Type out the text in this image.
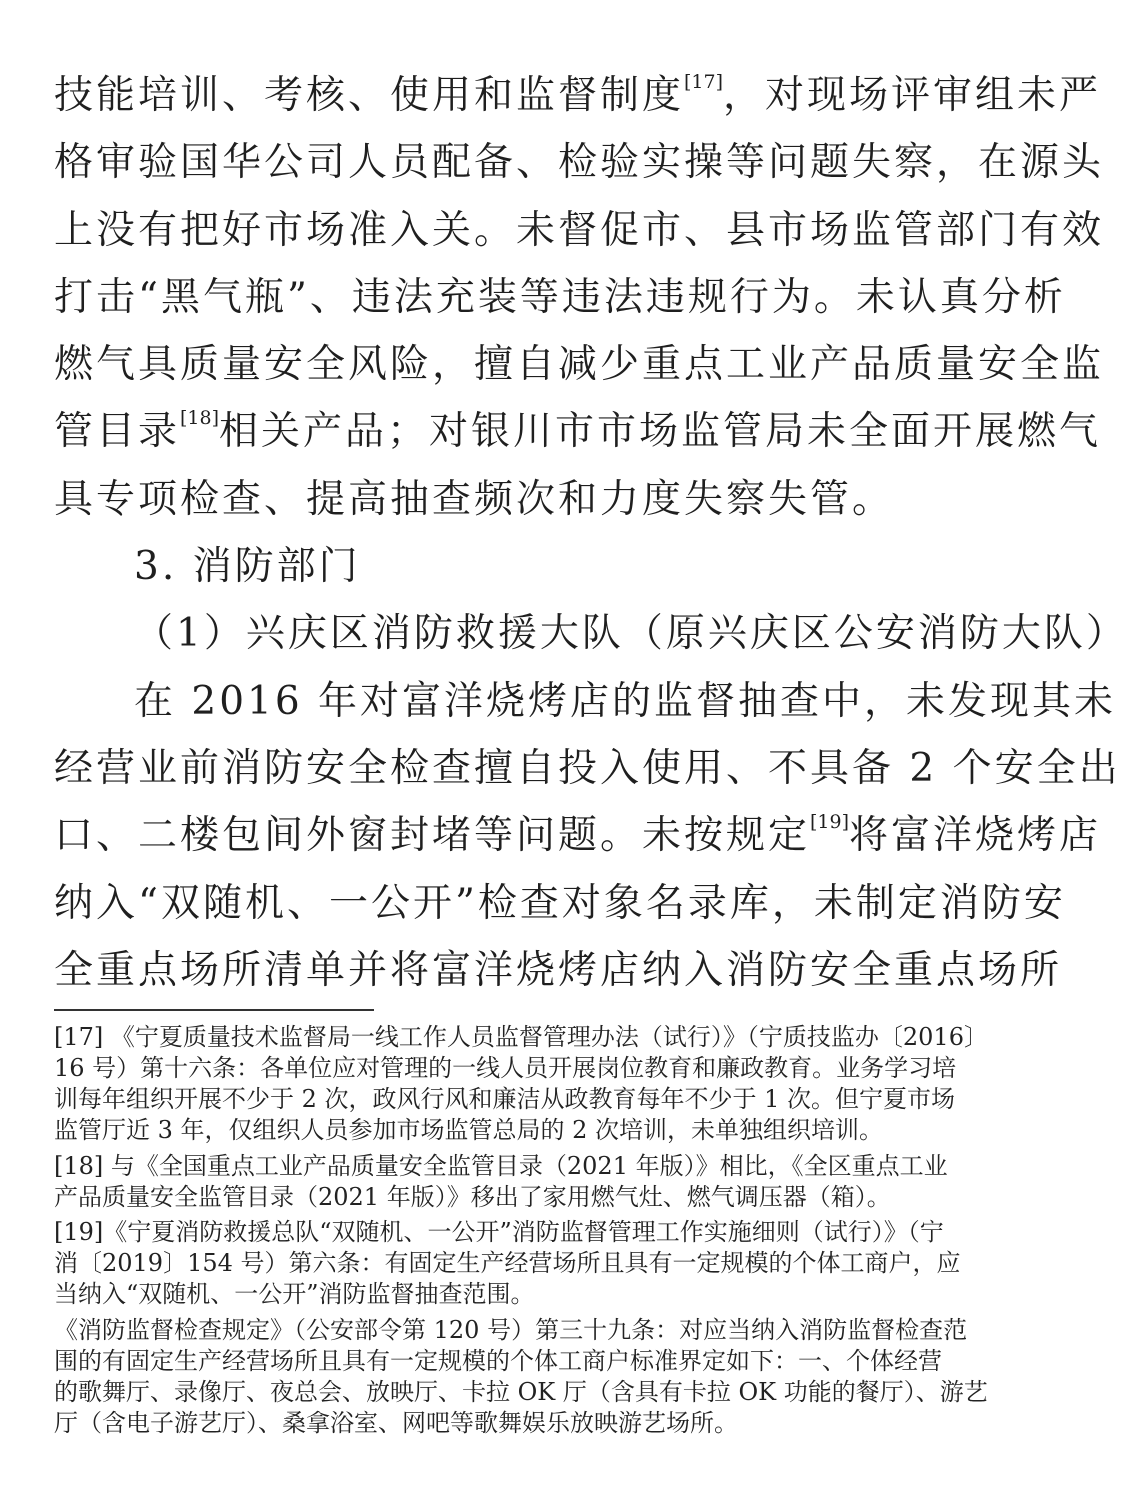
技能培训、考核、使用和监督制度[17]，对现场评审组未严
格审验国华公司人员配备、检验实操等问题失察，在源头
上没有把好市场准入关。未督促市、县市场监管部门有效
打击“黑气瓶”、违法充装等违法违规行为。未认真分析
燃气具质量安全风险，擅自减少重点工业产品质量安全监
管目录[18]相关产品；对银川市市场监管局未全面开展燃气
具专项检查、提高抽查频次和力度失察失管。
3. 消防部门
（1）兴庆区消防救援大队（原兴庆区公安消防大队）
在 2016 年对富洋烧烤店的监督抽查中，未发现其未
经营业前消防安全检查擅自投入使用、不具备 2 个安全出
口、二楼包间外窗封堵等问题。未按规定[19]将富洋烧烤店
纳入“双随机、一公开”检查对象名录库，未制定消防安
全重点场所清单并将富洋烧烤店纳入消防安全重点场所
[17] 《宁夏质量技术监督局一线工作人员监督管理办法（试行）》（宁质技监办〔2016〕
16 号）第十六条：各单位应对管理的一线人员开展岗位教育和廉政教育。业务学习培
训每年组织开展不少于 2 次，政风行风和廉洁从政教育每年不少于 1 次。但宁夏市场
监管厅近 3 年，仅组织人员参加市场监管总局的 2 次培训，未单独组织培训。
[18] 与《全国重点工业产品质量安全监管目录（2021 年版）》相比，《全区重点工业
产品质量安全监管目录（2021 年版）》移出了家用燃气灶、燃气调压器（箱）。
[19]《宁夏消防救援总队“双随机、一公开”消防监督管理工作实施细则（试行）》（宁
消〔2019〕154 号）第六条：有固定生产经营场所且具有一定规模的个体工商户，应
当纳入“双随机、一公开”消防监督抽查范围。
《消防监督检查规定》（公安部令第 120 号）第三十九条：对应当纳入消防监督检查范
围的有固定生产经营场所且具有一定规模的个体工商户标准界定如下：一、个体经营
的歌舞厅、录像厅、夜总会、放映厅、卡拉 OK 厅（含具有卡拉 OK 功能的餐厅）、游艺
厅（含电子游艺厅）、桑拿浴室、网吧等歌舞娱乐放映游艺场所。
